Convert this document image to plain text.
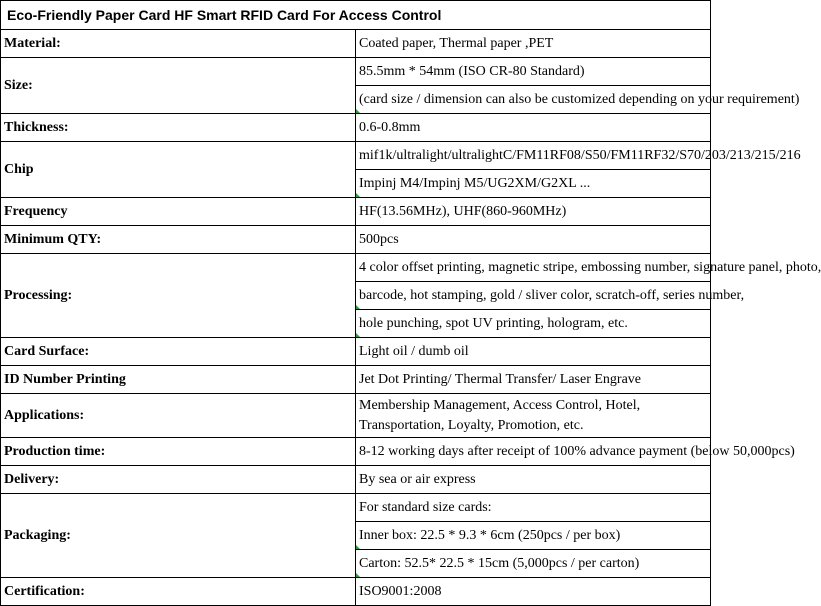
Eco-Friendly Paper Card HF Smart RFID Card For Access Control	
Material:	Coated paper, Thermal paper ,PET
Size:	85.5mm * 54mm (ISO CR-80 Standard)
	(card size / dimension can also be customized depending on your requirement)
Thickness:	0.6-0.8mm
Chip	mif1k/ultralight/ultralightC/FM11RF08/S50/FM11RF32/S70/203/213/215/216
	Impinj M4/Impinj M5/UG2XM/G2XL ...
Frequency	HF(13.56MHz), UHF(860-960MHz)
Minimum QTY:	500pcs
Processing:	4 color offset printing, magnetic stripe, embossing number, signature panel, photo,
	barcode, hot stamping, gold / sliver color, scratch-off, series number,
	hole punching, spot UV printing, hologram, etc.
Card Surface:	Light oil / dumb oil
ID Number Printing	Jet Dot Printing/ Thermal Transfer/ Laser Engrave
Applications:	Membership Management, Access Control, Hotel, Transportation, Loyalty, Promotion, etc.
Production time:	8-12 working days after receipt of 100% advance payment (below 50,000pcs)
Delivery:	By sea or air express
Packaging:	For standard size cards:
	Inner box: 22.5 * 9.3 * 6cm (250pcs / per box)
	Carton: 52.5* 22.5 * 15cm (5,000pcs / per carton)
Certification:	ISO9001:2008
